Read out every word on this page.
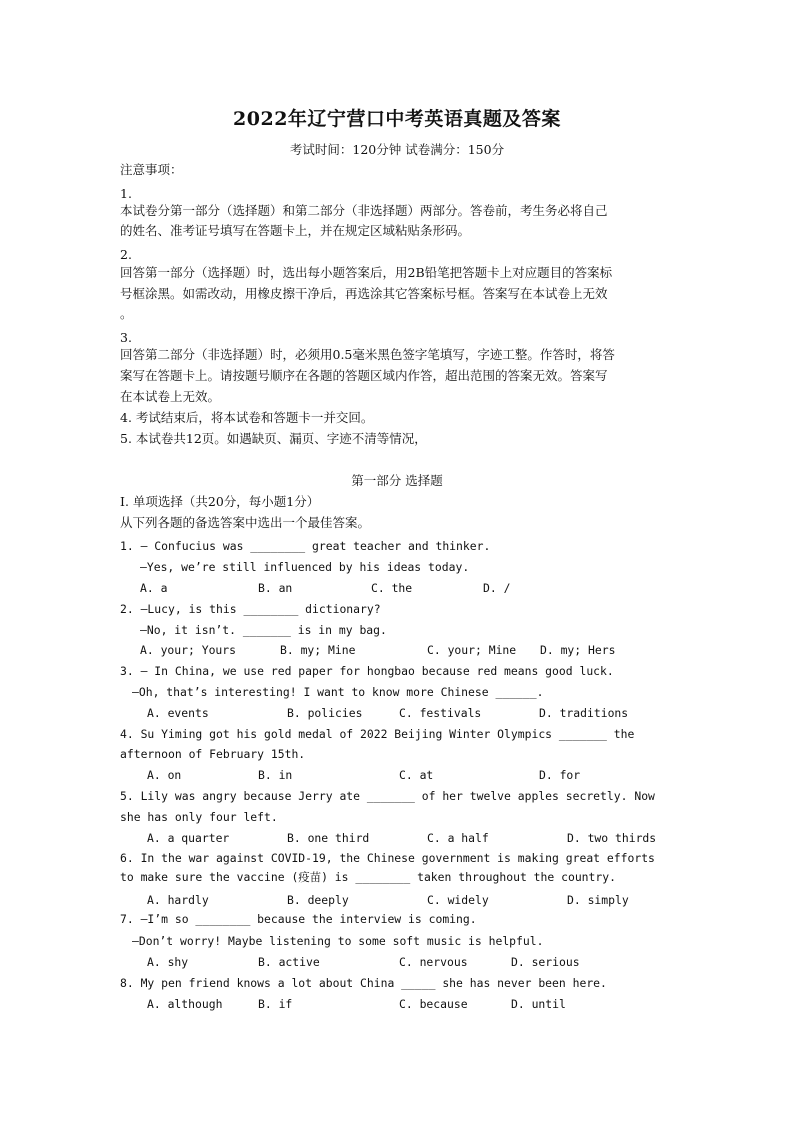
2022年辽宁营口中考英语真题及答案
考试时间：120分钟 试卷满分：150分
注意事项：
1.
本试卷分第一部分（选择题）和第二部分（非选择题）两部分。答卷前，考生务必将自己
的姓名、准考证号填写在答题卡上，并在规定区域粘贴条形码。
2.
回答第一部分（选择题）时，选出每小题答案后，用2B铅笔把答题卡上对应题目的答案标
号框涂黑。如需改动，用橡皮擦干净后，再选涂其它答案标号框。答案写在本试卷上无效
。
3.
回答第二部分（非选择题）时，必须用0.5毫米黑色签字笔填写，字迹工整。作答时，将答
案写在答题卡上。请按题号顺序在各题的答题区域内作答，超出范围的答案无效。答案写
在本试卷上无效。
4. 考试结束后，将本试卷和答题卡一并交回。
5. 本试卷共12页。如遇缺页、漏页、字迹不清等情况，
第一部分 选择题
I. 单项选择（共20分，每小题1分）
从下列各题的备选答案中选出一个最佳答案。
1. — Confucius was ________ great teacher and thinker.
—Yes, we’re still influenced by his ideas today.
A. a	B. an	C. the	D. /
2. —Lucy, is this ________ dictionary?
—No, it isn’t. _______ is in my bag.
A. your; Yours	B. my; Mine	C. your; Mine D. my; Hers
3. — In China, we use red paper for hongbao because red means good luck.
—Oh, that’s interesting! I want to know more Chinese ______.
A. events	B. policies	C. festivals	D. traditions
4. Su Yiming got his gold medal of 2022 Beijing Winter Olympics _______ the
afternoon of February 15th.
A. on	B. in	C. at	D. for
5. Lily was angry because Jerry ate _______ of her twelve apples secretly. Now
she has only four left.
A. a quarter	B. one third	C. a half	D. two thirds
6. In the war against COVID-19, the Chinese government is making great efforts
to make sure the vaccine (疫苗) is ________ taken throughout the country.
A. hardly	B. deeply	C. widely	D. simply
7. —I’m so ________ because the interview is coming.
—Don’t worry! Maybe listening to some soft music is helpful.
A. shy	B. active	C. nervous	D. serious
8. My pen friend knows a lot about China _____ she has never been here.
A. although	B. if	C. because	D. until
